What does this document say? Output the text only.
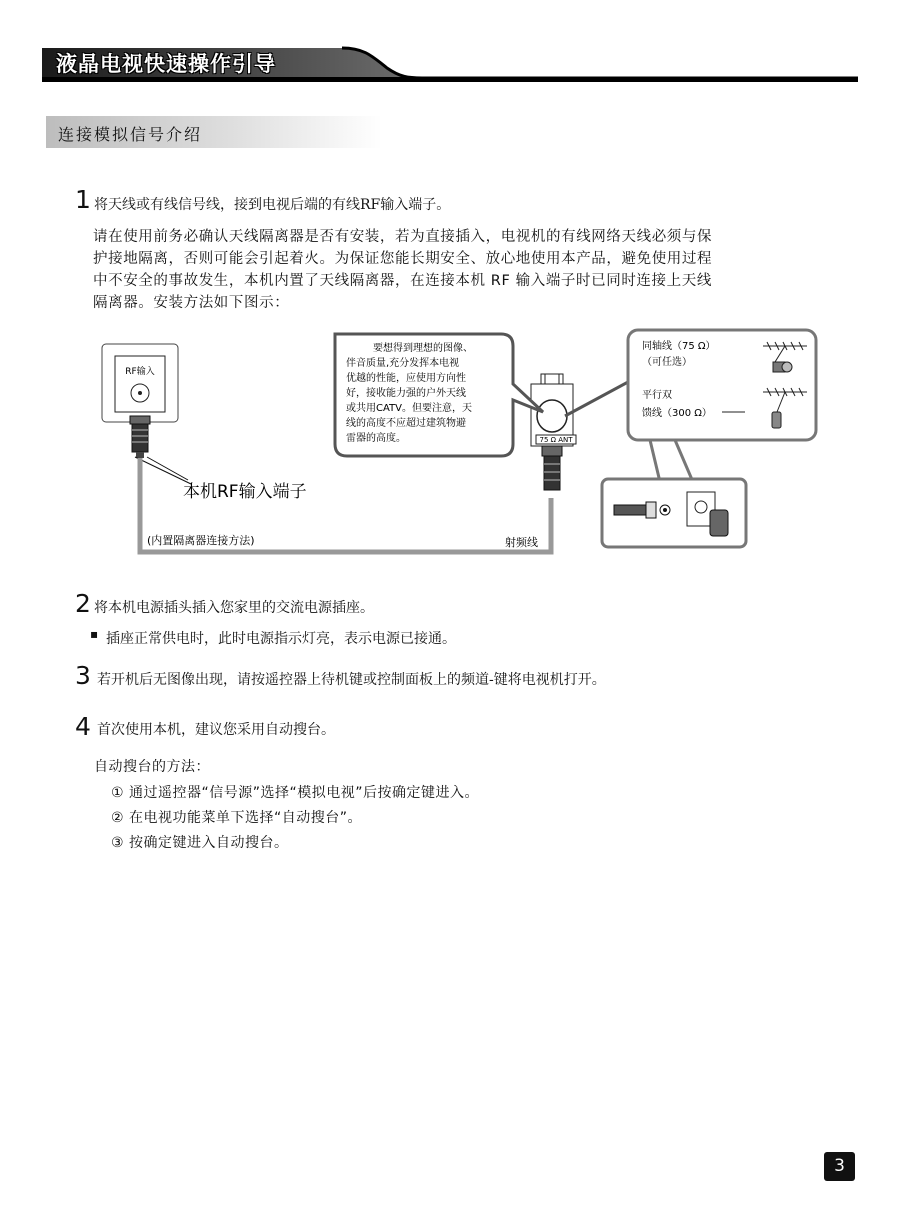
液晶电视快速操作引导
连接模拟信号介绍
1 将天线或有线信号线，接到电视后端的有线RF输入端子。
请在使用前务必确认天线隔离器是否有安装，若为直接插入，电视机的有线网络天线必须与保
护接地隔离，否则可能会引起着火。为保证您能长期安全、放心地使用本产品，避免使用过程
中不安全的事故发生，本机内置了天线隔离器，在连接本机 RF 输入端子时已同时连接上天线
隔离器。安装方法如下图示：
RF输入
本机RF输入端子
(内置隔离器连接方法)	射频线
75 Ω ANT
要想得到理想的图像、 伴音质量,充分发挥本电视 优越的性能，应使用方向性 好，接收能力强的户外天线 或共用CATV。但要注意，天 线的高度不应超过建筑物避 雷器的高度。
同轴线（75 Ω）
（可任选）
平行双
馈线（300 Ω）
2 将本机电源插头插入您家里的交流电源插座。
▪ 插座正常供电时，此时电源指示灯亮，表示电源已接通。
3 若开机后无图像出现，请按遥控器上待机键或控制面板上的频道-键将电视机打开。
4 首次使用本机，建议您采用自动搜台。
自动搜台的方法：
① 通过遥控器“信号源”选择“模拟电视”后按确定键进入。
② 在电视功能菜单下选择“自动搜台”。
③ 按确定键进入自动搜台。
3
